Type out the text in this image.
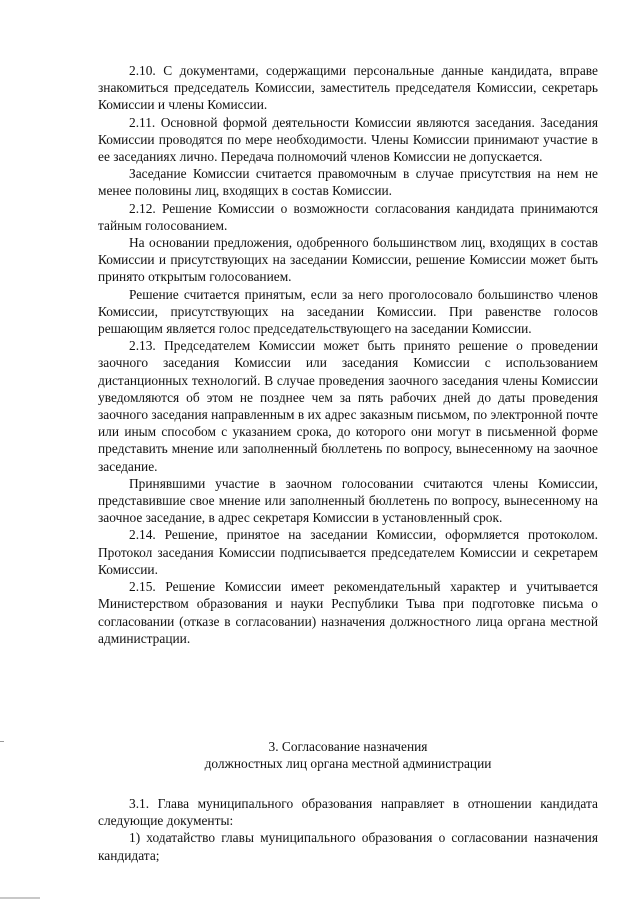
2.10. С документами, содержащими персональные данные кандидата, вправе знакомиться председатель Комиссии, заместитель председателя Комиссии, секретарь Комиссии и члены Комиссии.

2.11. Основной формой деятельности Комиссии являются заседания. Заседания Комиссии проводятся по мере необходимости. Члены Комиссии принимают участие в ее заседаниях лично. Передача полномочий членов Комиссии не допускается.

Заседание Комиссии считается правомочным в случае присутствия на нем не менее половины лиц, входящих в состав Комиссии.

2.12. Решение Комиссии о возможности согласования кандидата принимаются тайным голосованием.

На основании предложения, одобренного большинством лиц, входящих в состав Комиссии и присутствующих на заседании Комиссии, решение Комиссии может быть принято открытым голосованием.

Решение считается принятым, если за него проголосовало большинство членов Комиссии, присутствующих на заседании Комиссии. При равенстве голосов решающим является голос председательствующего на заседании Комиссии.

2.13. Председателем Комиссии может быть принято решение о проведении заочного заседания Комиссии или заседания Комиссии с использованием дистанционных технологий. В случае проведения заочного заседания члены Комиссии уведомляются об этом не позднее чем за пять рабочих дней до даты проведения заочного заседания направленным в их адрес заказным письмом, по электронной почте или иным способом с указанием срока, до которого они могут в письменной форме представить мнение или заполненный бюллетень по вопросу, вынесенному на заочное заседание.

Принявшими участие в заочном голосовании считаются члены Комиссии, представившие свое мнение или заполненный бюллетень по вопросу, вынесенному на заочное заседание, в адрес секретаря Комиссии в установленный срок.

2.14. Решение, принятое на заседании Комиссии, оформляется протоколом. Протокол заседания Комиссии подписывается председателем Комиссии и секретарем Комиссии.

2.15. Решение Комиссии имеет рекомендательный характер и учитывается Министерством образования и науки Республики Тыва при подготовке письма о согласовании (отказе в согласовании) назначения должностного лица органа местной администрации.

3. Согласование назначения
должностных лиц органа местной администрации

3.1. Глава муниципального образования направляет в отношении кандидата следующие документы:

1) ходатайство главы муниципального образования о согласовании назначения кандидата;
